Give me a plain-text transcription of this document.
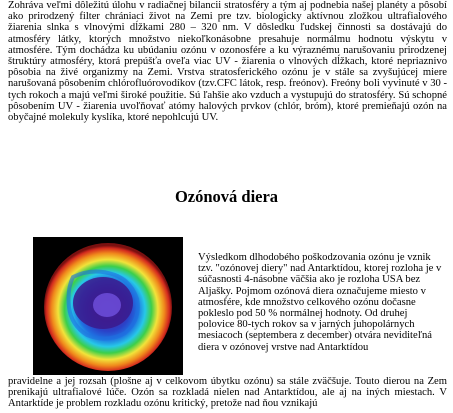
Zohráva veľmi dôležitú úlohu v radiačnej bilancii stratosféry a tým aj podnebia našej planéty a pôsobí ako prirodzený filter chrániaci život na Zemi pre tzv. biologicky aktívnou zložkou ultrafialového žiarenia slnka s vlnovými dĺžkami 280 – 320 nm. V dôsledku ľudskej činnosti sa dostávajú do atmosféry látky, ktorých množstvo niekoľkonásobne presahuje normálmu hodnotu výskytu v atmosfére. Tým dochádza ku ubúdaniu ozónu v ozonosfére a ku výraznému narušovaniu prirodzenej štruktúry atmosféry, ktorá prepúšťa oveľa viac UV - žiarenia o vlnových dĺžkach, ktoré nepriaznivo pôsobia na živé organizmy na Zemi. Vrstva stratosferického ozónu je v stále sa zvyšujúcej miere narušovaná pôsobením chlórofluórovodíkov (tzv.CFC látok, resp. freónov). Freóny boli vyvinuté v 30 - tych rokoch a majú veľmi široké použitie. Sú ľahšie ako vzduch a vystupujú do stratosféry. Sú schopné pôsobením UV - žiarenia uvoľňovať atómy halových prvkov (chlór, bróm), ktoré premieňajú ozón na obyčajné molekuly kyslíka, ktoré nepohlcujú UV.

Ozónová diera

Výsledkom dlhodobého poškodzovania ozónu je vznik tzv. "ozónovej diery" nad Antarktídou, ktorej rozloha je v súčasnosti 4-násobne väčšia ako je rozloha USA bez Aljašky. Pojmom ozónová diera označujeme miesto v atmosfére, kde množstvo celkového ozónu dočasne pokleslo pod 50 % normálnej hodnoty. Od druhej polovice 80-tych rokov sa v jarných juhopolárnych mesiacoch (septembera z december) otvára neviditeľná diera v ozónovej vrstve nad Antarktídou

pravidelne a jej rozsah (plošne aj v celkovom úbytku ozónu) sa stále zväčšuje. Touto dierou na Zem prenikajú ultrafialové lúče. Ozón sa rozkladá nielen nad Antarktídou, ale aj na iných miestach. V Antarktíde je problem rozkladu ozónu kritický, pretože nad ňou vznikajú
